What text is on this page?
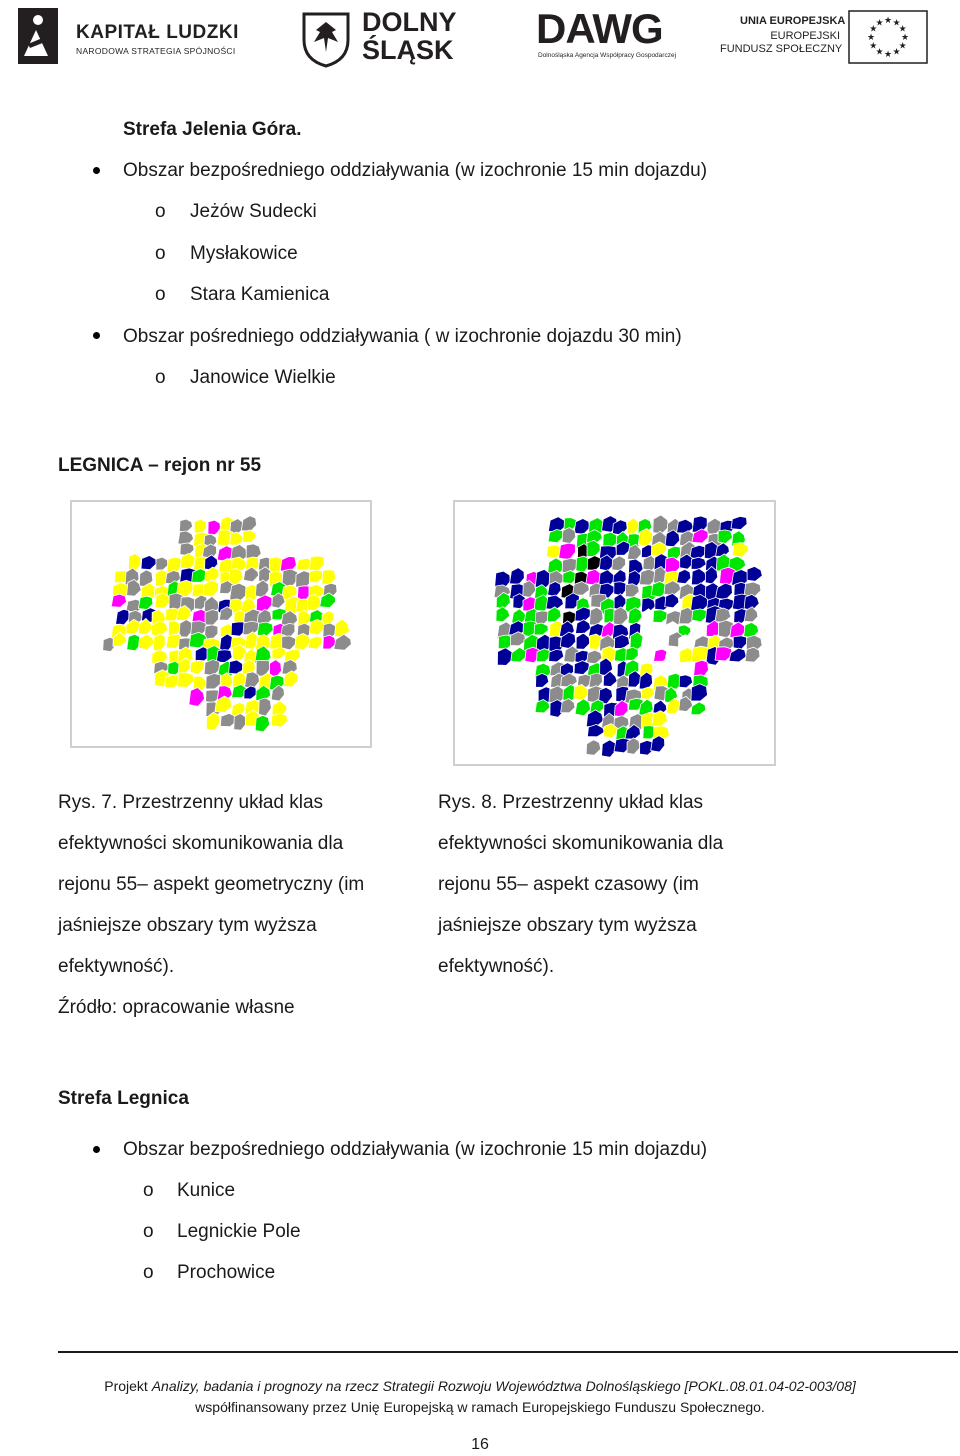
KAPITAŁ LUDZKI
NARODOWA STRATEGIA SPÓJNOŚCI
DOLNY
ŚLĄSK DAWG
Dolnośląska Agencja Współpracy Gospodarczej
UNIA EUROPEJSKA
EUROPEJSKI
FUNDUSZ SPOŁECZNY
★
★
★
★
★
★
★
★
★ ★ ★
★
Strefa Jelenia Góra.
Obszar bezpośredniego oddziaływania (w izochronie 15 min dojazdu)
o Jeżów Sudecki
o Mysłakowice
o Stara Kamienica
Obszar pośredniego oddziaływania ( w izochronie dojazdu 30 min)
o Janowice Wielkie
LEGNICA – rejon nr 55
Rys. 7. Przestrzenny układ klas efektywności skomunikowania dla rejonu 55– aspekt geometryczny (im jaśniejsze obszary tym wyższa efektywność).
Rys. 8. Przestrzenny układ klas efektywności skomunikowania dla rejonu 55– aspekt czasowy (im jaśniejsze obszary tym wyższa efektywność).
Źródło: opracowanie własne
Strefa Legnica
Obszar bezpośredniego oddziaływania (w izochronie 15 min dojazdu)
o Kunice
o Legnickie Pole
o Prochowice
Projekt Analizy, badania i prognozy na rzecz Strategii Rozwoju Województwa Dolnośląskiego [POKL.08.01.04-02-003/08]
współfinansowany przez Unię Europejską w ramach Europejskiego Funduszu Społecznego.
16
